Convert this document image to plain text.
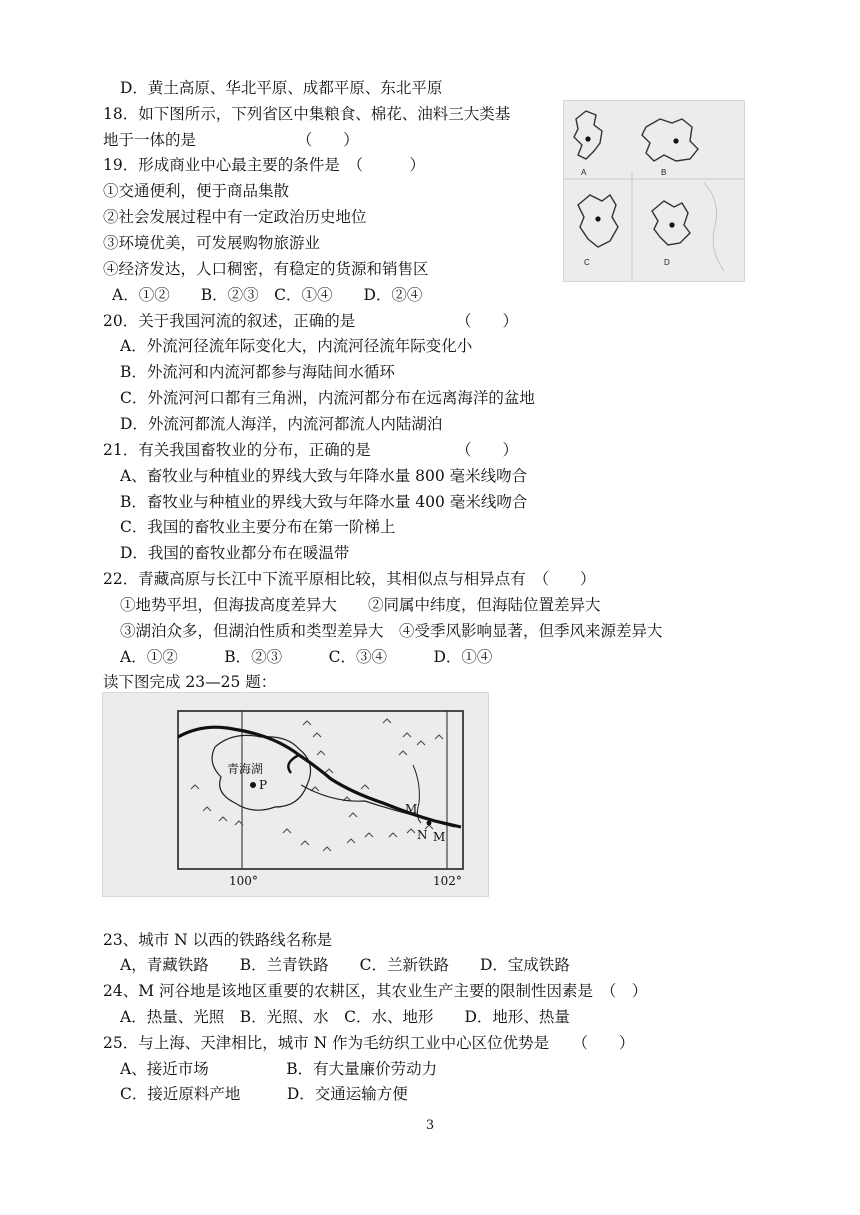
D．黄土高原、华北平原、成都平原、东北平原
18．如下图所示，下列省区中集粮食、棉花、油料三大类基
地于一体的是　　　　　　　（　　）
19．形成商业中心最主要的条件是　（　　　）
①交通便利，便于商品集散
②社会发展过程中有一定政治历史地位
③环境优美，可发展购物旅游业
④经济发达，人口稠密，有稳定的货源和销售区
A．①②　　B．②③　C．①④　　D．②④
20．关于我国河流的叙述，正确的是　　　　　　　（　　）
A．外流河径流年际变化大，内流河径流年际变化小
B．外流河和内流河都参与海陆间水循环
C．外流河河口都有三角洲，内流河都分布在远离海洋的盆地
D．外流河都流人海洋，内流河都流人内陆湖泊
21．有关我国畜牧业的分布，正确的是　　　　　　（　　）
A、畜牧业与种植业的界线大致与年降水量 800 毫米线吻合
B．畜牧业与种植业的界线大致与年降水量 400 毫米线吻合
C．我国的畜牧业主要分布在第一阶梯上
D．我国的畜牧业都分布在暖温带
22．青藏高原与长江中下流平原相比较，其相似点与相异点有　（　　）
①地势平坦，但海拔高度差异大　　②同属中纬度，但海陆位置差异大
③湖泊众多，但湖泊性质和类型差异大　④受季风影响显著，但季风来源差异大
A．①②　　　B．②③　　　C．③④　　　D．①④
读下图完成 23—25 题：
23、城市 N 以西的铁路线名称是
A，青藏铁路　　B．兰青铁路　　C．兰新铁路　　D．宝成铁路
24、M 河谷地是该地区重要的农耕区，其农业生产主要的限制性因素是　（　）
A．热量、光照　B．光照、水　C．水、地形　　D．地形、热量
25．与上海、天津相比，城市 N 作为毛纺织工业中心区位优势是　　（　　）
A、接近市场　　　　　B．有大量廉价劳动力
C．接近原料产地　　　D．交通运输方便
A	B
C	D
青海湖
P
M
N M
100°	102°
3
